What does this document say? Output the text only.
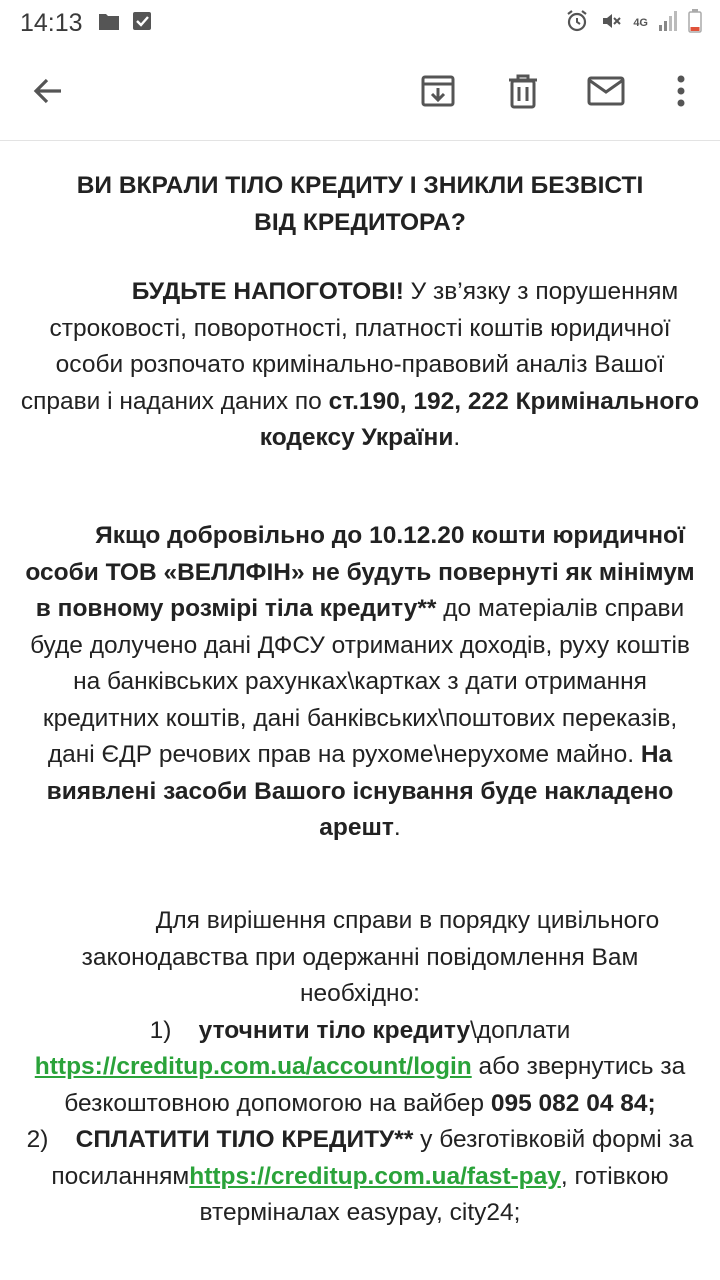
14:13	4G

ВИ ВКРАЛИ ТІЛО КРЕДИТУ І ЗНИКЛИ БЕЗВІСТІ
ВІД КРЕДИТОРА?

БУДЬТЕ НАПОГОТОВІ! У зв’язку з порушенням строковості, поворотності, платності коштів юридичної особи розпочато кримінально-правовий аналіз Вашої справи і наданих даних по ст.190, 192, 222 Кримінального кодексу України.

Якщо добровільно до 10.12.20 кошти юридичної особи ТОВ «ВЕЛЛФІН» не будуть повернуті як мінімум в повному розмірі тіла кредиту** до матеріалів справи буде долучено дані ДФСУ отриманих доходів, руху коштів на банківських рахунках\картках з дати отримання кредитних коштів, дані банківських\поштових переказів, дані ЄДР речових прав на рухоме\нерухоме майно. На виявлені засоби Вашого існування буде накладено арешт.

Для вирішення справи в порядку цивільного законодавства при одержанні повідомлення Вам необхідно:
1) уточнити тіло кредиту\доплати https://creditup.com.ua/account/login або звернутись за безкоштовною допомогою на вайбер 095 082 04 84;
2) СПЛАТИТИ ТІЛО КРЕДИТУ** у безготівковій формі за посиланнямhttps://creditup.com.ua/fast-pay, готівкою втерміналах easypay, city24;
